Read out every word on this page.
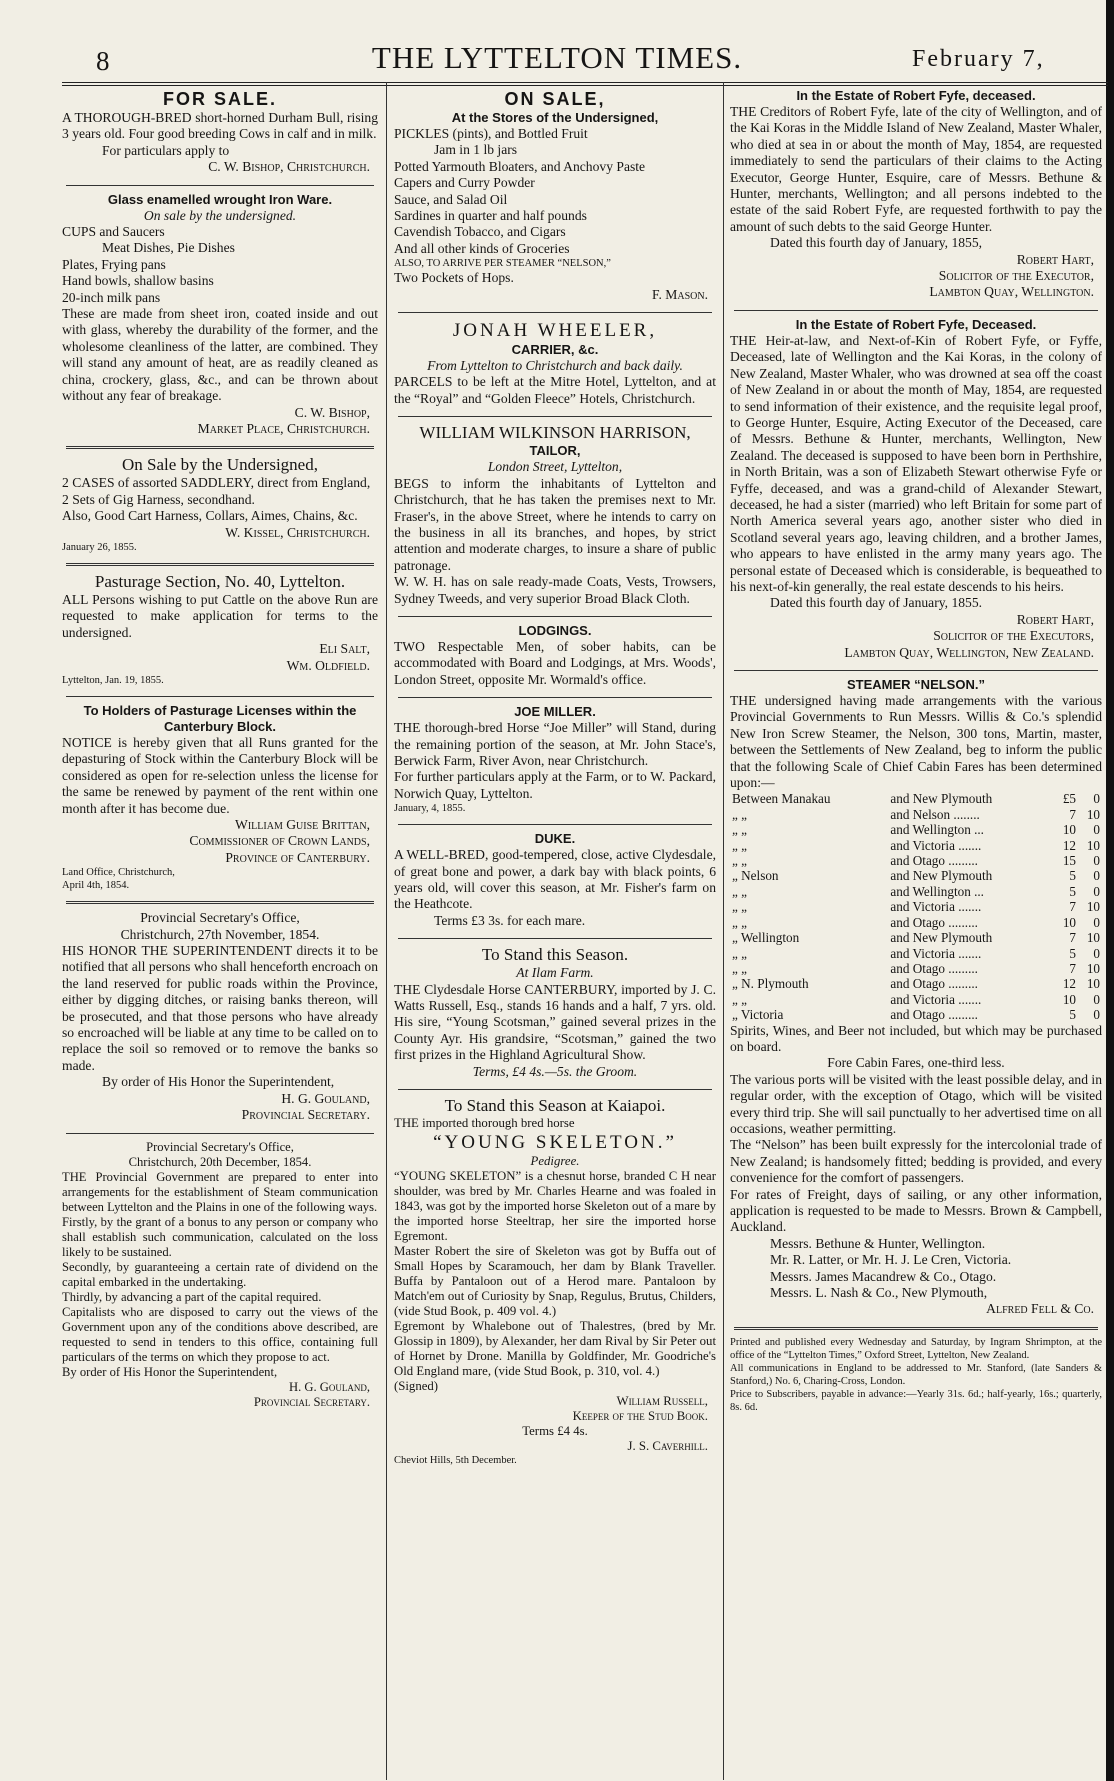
8	THE LYTTELTON TIMES.	February 7,
FOR SALE.

A THOROUGH-BRED short-horned Durham Bull, rising 3 years old. Four good breeding Cows in calf and in milk.

For particulars apply to

C. W. Bishop, Christchurch.
Glass enamelled wrought Iron Ware.
On sale by the undersigned.
CUPS and Saucers
Meat Dishes, Pie Dishes
Plates, Frying pans
Hand bowls, shallow basins
20-inch milk pans

These are made from sheet iron, coated inside and out with glass, whereby the durability of the former, and the wholesome cleanliness of the latter, are combined. They will stand any amount of heat, are as readily cleaned as china, crockery, glass, &c., and can be thrown about without any fear of breakage.

C. W. Bishop,
Market Place, Christchurch.
On Sale by the Undersigned,

2 CASES of assorted SADDLERY, direct from England,

2 Sets of Gig Harness, secondhand.

Also, Good Cart Harness, Collars, Aimes, Chains, &c.

W. Kissel, Christchurch.
January 26, 1855.
Pasturage Section, No. 40, Lyttelton.

ALL Persons wishing to put Cattle on the above Run are requested to make application for terms to the undersigned.

Eli Salt,
Wm. Oldfield.
Lyttelton, Jan. 19, 1855.
To Holders of Pasturage Licenses within the Canterbury Block.

NOTICE is hereby given that all Runs granted for the depasturing of Stock within the Canterbury Block will be considered as open for re-selection unless the license for the same be renewed by payment of the rent within one month after it has become due.

William Guise Brittan,
Commissioner of Crown Lands,
Province of Canterbury.
Land Office, Christchurch,
April 4th, 1854.
Provincial Secretary's Office,
Christchurch, 27th November, 1854.

HIS HONOR THE SUPERINTENDENT directs it to be notified that all persons who shall henceforth encroach on the land reserved for public roads within the Province, either by digging ditches, or raising banks thereon, will be prosecuted, and that those persons who have already so encroached will be liable at any time to be called on to replace the soil so removed or to remove the banks so made.

By order of His Honor the Superintendent,

H. G. Gouland,
Provincial Secretary.
Provincial Secretary's Office,
Christchurch, 20th December, 1854.

THE Provincial Government are prepared to enter into arrangements for the establishment of Steam communication between Lyttelton and the Plains in one of the following ways.

Firstly, by the grant of a bonus to any person or company who shall establish such communication, calculated on the loss likely to be sustained.

Secondly, by guaranteeing a certain rate of dividend on the capital embarked in the undertaking.

Thirdly, by advancing a part of the capital required.

Capitalists who are disposed to carry out the views of the Government upon any of the conditions above described, are requested to send in tenders to this office, containing full particulars of the terms on which they propose to act.

By order of His Honor the Superintendent,

H. G. Gouland,
Provincial Secretary.
ON SALE,
At the Stores of the Undersigned,
PICKLES (pints), and Bottled Fruit
Jam in 1 lb jars
Potted Yarmouth Bloaters, and Anchovy Paste
Capers and Curry Powder
Sauce, and Salad Oil
Sardines in quarter and half pounds
Cavendish Tobacco, and Cigars
And all other kinds of Groceries
ALSO, TO ARRIVE PER STEAMER “NELSON,”
Two Pockets of Hops.
F. Mason.
JONAH WHEELER,
CARRIER, &c.
From Lyttelton to Christchurch and back daily.

PARCELS to be left at the Mitre Hotel, Lyttelton, and at the “Royal” and “Golden Fleece” Hotels, Christchurch.

WILLIAM WILKINSON HARRISON,
TAILOR,
London Street, Lyttelton,

BEGS to inform the inhabitants of Lyttelton and Christchurch, that he has taken the premises next to Mr. Fraser's, in the above Street, where he intends to carry on the business in all its branches, and hopes, by strict attention and moderate charges, to insure a share of public patronage.

W. W. H. has on sale ready-made Coats, Vests, Trowsers, Sydney Tweeds, and very superior Broad Black Cloth.

LODGINGS.

TWO Respectable Men, of sober habits, can be accommodated with Board and Lodgings, at Mrs. Woods', London Street, opposite Mr. Wormald's office.

JOE MILLER.

THE thorough-bred Horse “Joe Miller” will Stand, during the remaining portion of the season, at Mr. John Stace's, Berwick Farm, River Avon, near Christchurch.

For further particulars apply at the Farm, or to W. Packard, Norwich Quay, Lyttelton.

January, 4, 1855.
DUKE.

A WELL-BRED, good-tempered, close, active Clydesdale, of great bone and power, a dark bay with black points, 6 years old, will cover this season, at Mr. Fisher's farm on the Heathcote.

Terms £3 3s. for each mare.

To Stand this Season.
At Ilam Farm.

THE Clydesdale Horse CANTERBURY, imported by J. C. Watts Russell, Esq., stands 16 hands and a half, 7 yrs. old. His sire, “Young Scotsman,” gained several prizes in the County Ayr. His grandsire, “Scotsman,” gained the two first prizes in the Highland Agricultural Show.

Terms, £4 4s.—5s. the Groom.
To Stand this Season at Kaiapoi.

THE imported thorough bred horse

“YOUNG SKELETON.”
Pedigree.

“YOUNG SKELETON” is a chesnut horse, branded C H near shoulder, was bred by Mr. Charles Hearne and was foaled in 1843, was got by the imported horse Skeleton out of a mare by the imported horse Steeltrap, her sire the imported horse Egremont.

Master Robert the sire of Skeleton was got by Buffa out of Small Hopes by Scaramouch, her dam by Blank Traveller. Buffa by Pantaloon out of a Herod mare. Pantaloon by Match'em out of Curiosity by Snap, Regulus, Brutus, Childers, (vide Stud Book, p. 409 vol. 4.)

Egremont by Whalebone out of Thalestres, (bred by Mr. Glossip in 1809), by Alexander, her dam Rival by Sir Peter out of Hornet by Drone. Manilla by Goldfinder, Mr. Goodriche's Old England mare, (vide Stud Book, p. 310, vol. 4.)

(Signed)
William Russell,
Keeper of the Stud Book.
Terms £4 4s.
J. S. Caverhill.
Cheviot Hills, 5th December.
In the Estate of Robert Fyfe, deceased.

THE Creditors of Robert Fyfe, late of the city of Wellington, and of the Kai Koras in the Middle Island of New Zealand, Master Whaler, who died at sea in or about the month of May, 1854, are requested immediately to send the particulars of their claims to the Acting Executor, George Hunter, Esquire, care of Messrs. Bethune & Hunter, merchants, Wellington; and all persons indebted to the estate of the said Robert Fyfe, are requested forthwith to pay the amount of such debts to the said George Hunter.

Dated this fourth day of January, 1855,

Robert Hart,
Solicitor of the Executor,
Lambton Quay, Wellington.
In the Estate of Robert Fyfe, Deceased.

THE Heir-at-law, and Next-of-Kin of Robert Fyfe, or Fyffe, Deceased, late of Wellington and the Kai Koras, in the colony of New Zealand, Master Whaler, who was drowned at sea off the coast of New Zealand in or about the month of May, 1854, are requested to send information of their existence, and the requisite legal proof, to George Hunter, Esquire, Acting Executor of the Deceased, care of Messrs. Bethune & Hunter, merchants, Wellington, New Zealand. The deceased is supposed to have been born in Perthshire, in North Britain, was a son of Elizabeth Stewart otherwise Fyfe or Fyffe, deceased, and was a grand-child of Alexander Stewart, deceased, he had a sister (married) who left Britain for some part of North America several years ago, another sister who died in Scotland several years ago, leaving children, and a brother James, who appears to have enlisted in the army many years ago. The personal estate of Deceased which is considerable, is bequeathed to his next-of-kin generally, the real estate descends to his heirs.

Dated this fourth day of January, 1855.

Robert Hart,
Solicitor of the Executors,
Lambton Quay, Wellington, New Zealand.
STEAMER “NELSON.”

THE undersigned having made arrangements with the various Provincial Governments to Run Messrs. Willis & Co.'s splendid New Iron Screw Steamer, the Nelson, 300 tons, Martin, master, between the Settlements of New Zealand, beg to inform the public that the following Scale of Chief Cabin Fares has been determined upon:—

Between Manakau	and New Plymouth	£5	0
„ „	and Nelson ........	7	10
„ „	and Wellington ...	10	0
„ „	and Victoria .......	12	10
„ „	and Otago .........	15	0
„ Nelson	and New Plymouth	5	0
„ „	and Wellington ...	5	0
„ „	and Victoria .......	7	10
„ „	and Otago .........	10	0
„ Wellington	and New Plymouth	7	10
„ „	and Victoria .......	5	0
„ „	and Otago .........	7	10
„ N. Plymouth	and Otago .........	12	10
„ „	and Victoria .......	10	0
„ Victoria	and Otago .........	5	0

Spirits, Wines, and Beer not included, but which may be purchased on board.

Fore Cabin Fares, one-third less.

The various ports will be visited with the least possible delay, and in regular order, with the exception of Otago, which will be visited every third trip. She will sail punctually to her advertised time on all occasions, weather permitting.

The “Nelson” has been built expressly for the intercolonial trade of New Zealand; is handsomely fitted; bedding is provided, and every convenience for the comfort of passengers.

For rates of Freight, days of sailing, or any other information, application is requested to be made to Messrs. Brown & Campbell, Auckland.

Messrs. Bethune & Hunter, Wellington.
Mr. R. Latter, or Mr. H. J. Le Cren, Victoria.
Messrs. James Macandrew & Co., Otago.
Messrs. L. Nash & Co., New Plymouth,
Alfred Fell & Co.

Printed and published every Wednesday and Saturday, by Ingram Shrimpton, at the office of the “Lyttelton Times,” Oxford Street, Lyttelton, New Zealand.

All communications in England to be addressed to Mr. Stanford, (late Sanders & Stanford,) No. 6, Charing-Cross, London.

Price to Subscribers, payable in advance:—Yearly 31s. 6d.; half-yearly, 16s.; quarterly, 8s. 6d.
